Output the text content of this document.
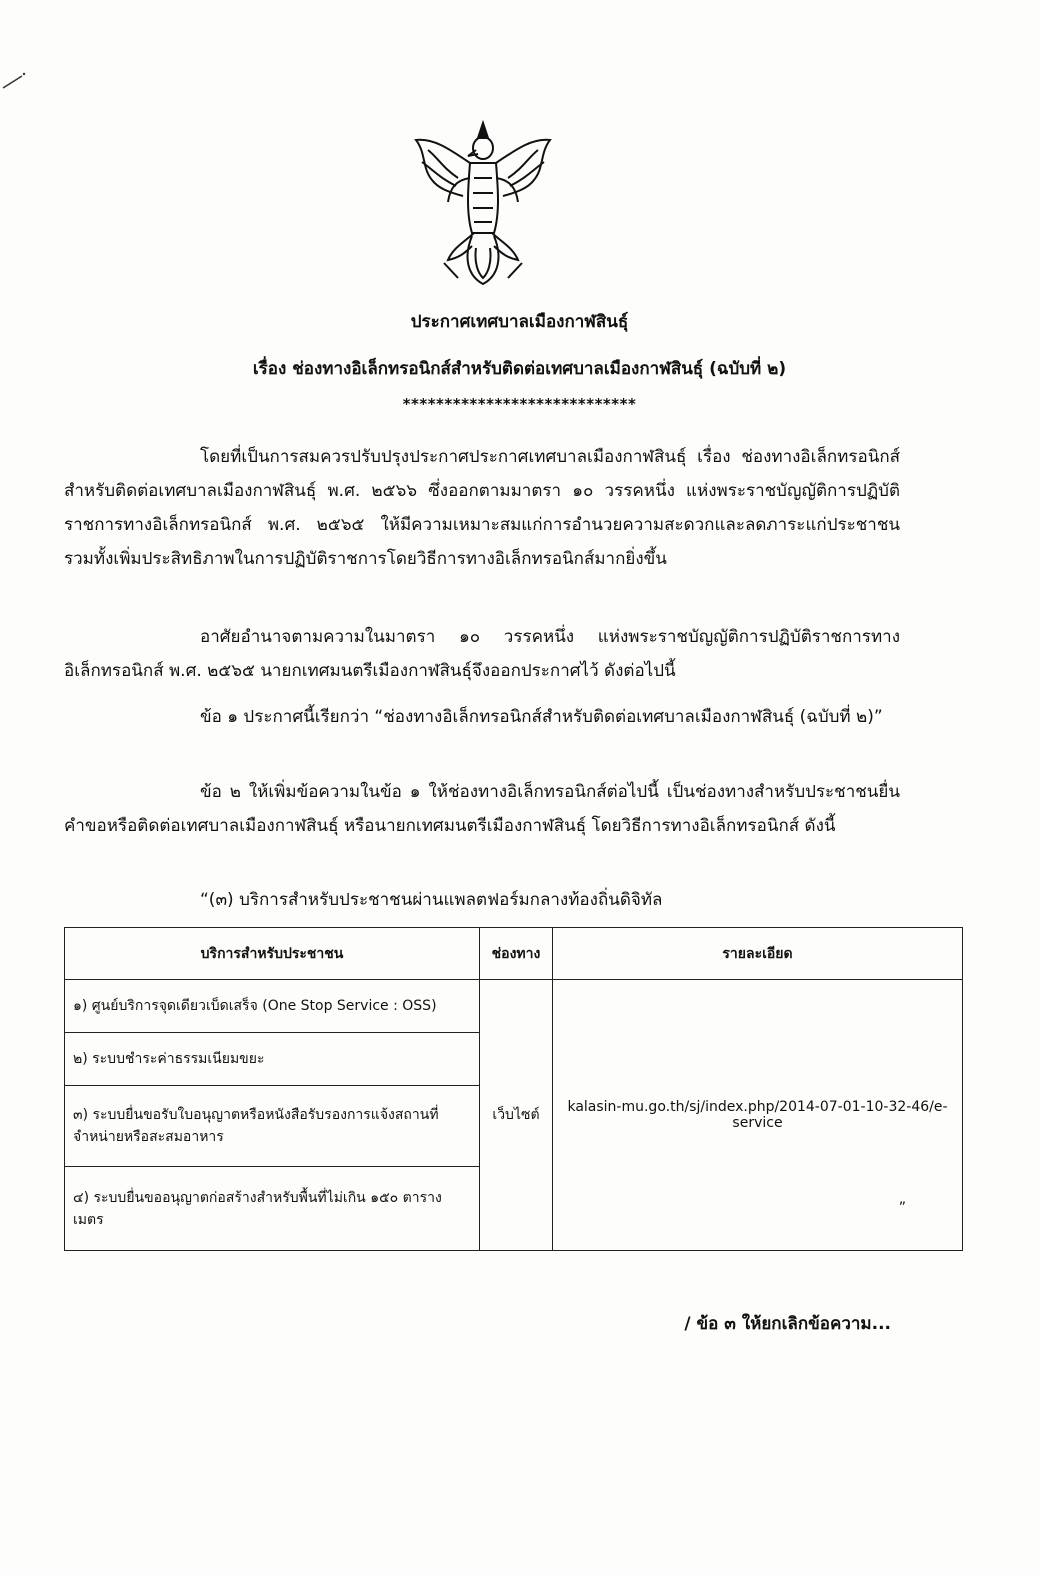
ประกาศเทศบาลเมืองกาฬสินธุ์
เรื่อง ช่องทางอิเล็กทรอนิกส์สำหรับติดต่อเทศบาลเมืองกาฬสินธุ์ (ฉบับที่ ๒)
****************************
โดยที่เป็นการสมควรปรับปรุงประกาศประกาศเทศบาลเมืองกาฬสินธุ์ เรื่อง ช่องทางอิเล็กทรอนิกส์สำหรับติดต่อเทศบาลเมืองกาฬสินธุ์ พ.ศ. ๒๕๖๖ ซึ่งออกตามมาตรา ๑๐ วรรคหนึ่ง แห่งพระราชบัญญัติการปฏิบัติราชการทางอิเล็กทรอนิกส์ พ.ศ. ๒๕๖๕ ให้มีความเหมาะสมแก่การอำนวยความสะดวกและลดภาระแก่ประชาชน รวมทั้งเพิ่มประสิทธิภาพในการปฏิบัติราชการโดยวิธีการทางอิเล็กทรอนิกส์มากยิ่งขึ้น
อาศัยอำนาจตามความในมาตรา ๑๐ วรรคหนึ่ง แห่งพระราชบัญญัติการปฏิบัติราชการทางอิเล็กทรอนิกส์ พ.ศ. ๒๕๖๕ นายกเทศมนตรีเมืองกาฬสินธุ์จึงออกประกาศไว้ ดังต่อไปนี้
ข้อ ๑ ประกาศนี้เรียกว่า “ช่องทางอิเล็กทรอนิกส์สำหรับติดต่อเทศบาลเมืองกาฬสินธุ์ (ฉบับที่ ๒)”
ข้อ ๒ ให้เพิ่มข้อความในข้อ ๑ ให้ช่องทางอิเล็กทรอนิกส์ต่อไปนี้ เป็นช่องทางสำหรับประชาชนยื่นคำขอหรือติดต่อเทศบาลเมืองกาฬสินธุ์ หรือนายกเทศมนตรีเมืองกาฬสินธุ์ โดยวิธีการทางอิเล็กทรอนิกส์ ดังนี้
“(๓) บริการสำหรับประชาชนผ่านแพลตฟอร์มกลางท้องถิ่นดิจิทัล
บริการสำหรับประชาชน	ช่องทาง	รายละเอียด
๑) ศูนย์บริการจุดเดียวเบ็ดเสร็จ (One Stop Service : OSS)	เว็บไซต์	kalasin-mu.go.th/sj/index.php/2014-07-01-10-32-46/e-service
”

๒) ระบบชำระค่าธรรมเนียมขยะ		
๓) ระบบยื่นขอรับใบอนุญาตหรือหนังสือรับรองการแจ้งสถานที่จำหน่ายหรือสะสมอาหาร		
๔) ระบบยื่นขออนุญาตก่อสร้างสำหรับพื้นที่ไม่เกิน ๑๕๐ ตารางเมตร		
/ ข้อ ๓ ให้ยกเลิกข้อความ...
